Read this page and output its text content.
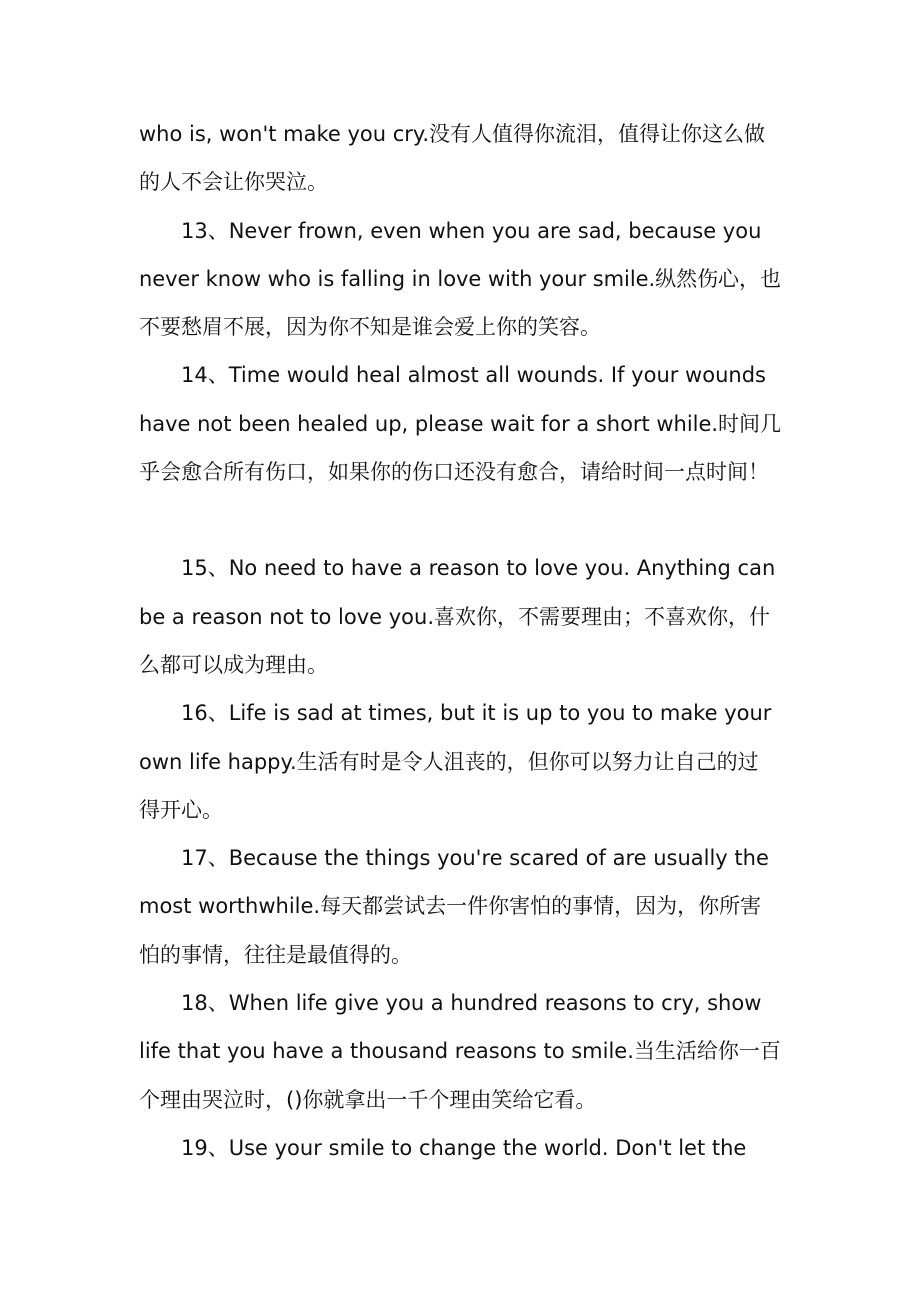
who is, won't make you cry.没有人值得你流泪，值得让你这么做
的人不会让你哭泣。
13、Never frown, even when you are sad, because you
never know who is falling in love with your smile.纵然伤心，也
不要愁眉不展，因为你不知是谁会爱上你的笑容。
14、Time would heal almost all wounds. If your wounds
have not been healed up, please wait for a short while.时间几
乎会愈合所有伤口，如果你的伤口还没有愈合，请给时间一点时间！
15、No need to have a reason to love you. Anything can
be a reason not to love you.喜欢你，不需要理由；不喜欢你，什
么都可以成为理由。
16、Life is sad at times, but it is up to you to make your
own life happy.生活有时是令人沮丧的，但你可以努力让自己的过
得开心。
17、Because the things you're scared of are usually the
most worthwhile.每天都尝试去一件你害怕的事情，因为，你所害
怕的事情，往往是最值得的。
18、When life give you a hundred reasons to cry, show
life that you have a thousand reasons to smile.当生活给你一百
个理由哭泣时，()你就拿出一千个理由笑给它看。
19、Use your smile to change the world. Don't let the
